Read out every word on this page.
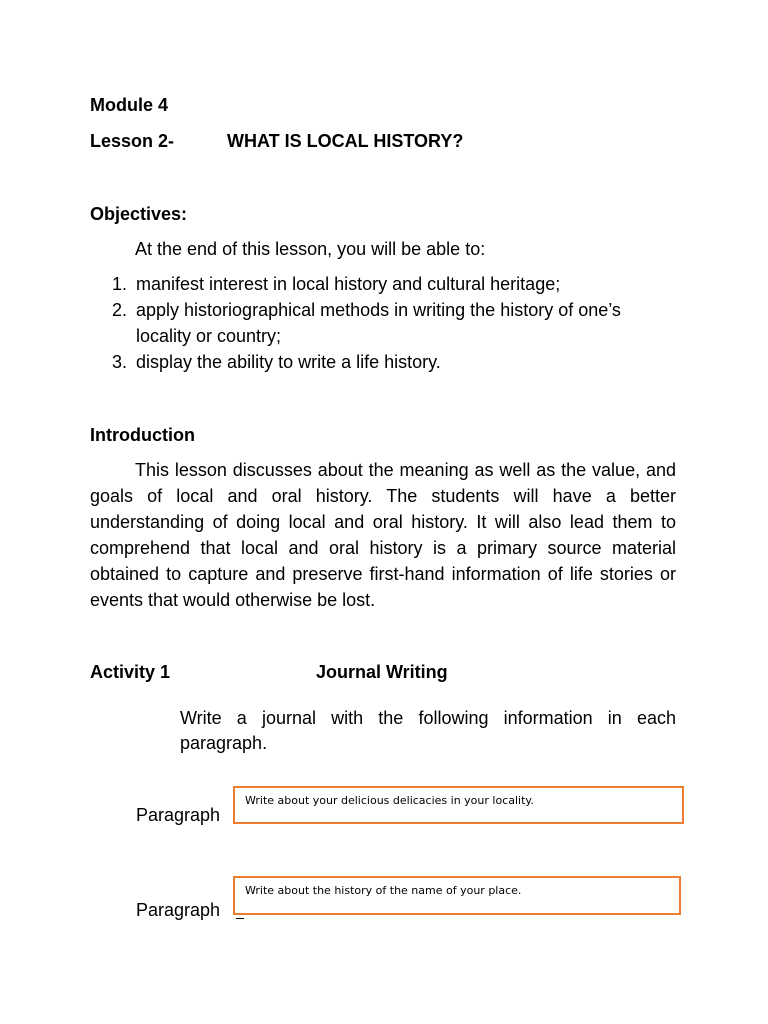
Module 4
Lesson 2-	WHAT IS LOCAL HISTORY?
Objectives:
At the end of this lesson, you will be able to:
1. manifest interest in local history and cultural heritage;
2. apply historiographical methods in writing the history of one’s locality or country;
3. display the ability to write a life history.
Introduction

This lesson discusses about the meaning as well as the value, and goals of local and oral history. The students will have a better understanding of doing local and oral history. It will also lead them to comprehend that local and oral history is a primary source material obtained to capture and preserve first-hand information of life stories or events that would otherwise be lost.

Activity 1	Journal Writing

Write a journal with the following information in each paragraph.

Paragraph
Write about your delicious delicacies in your locality.
Paragraph
Write about the history of the name of your place.
